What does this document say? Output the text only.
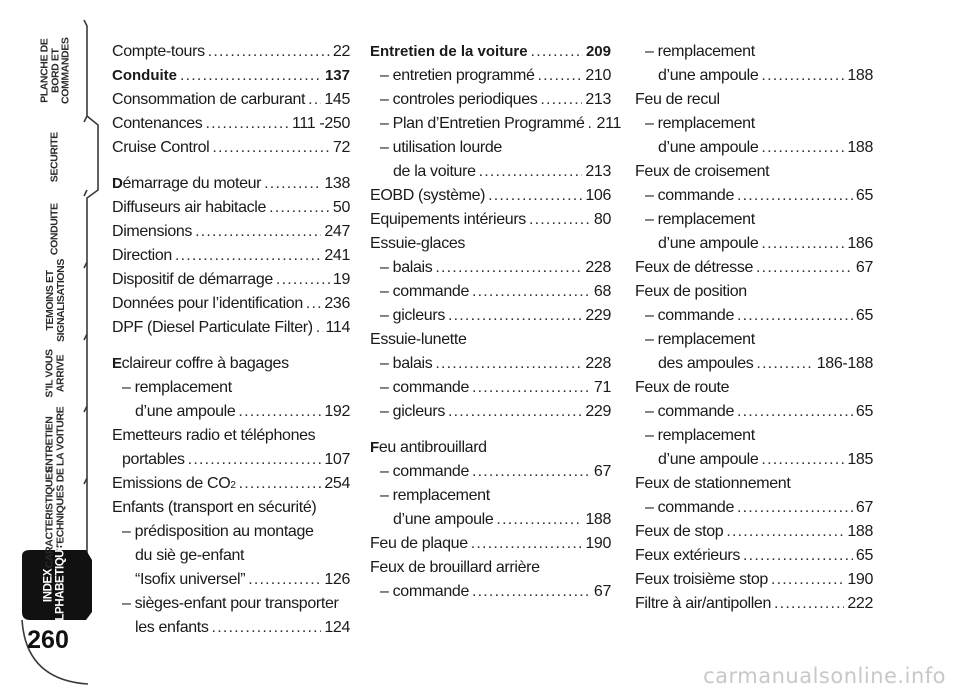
PLANCHE DE
BORD ET
COMMANDES
SECURITE
CONDUITE
TEMOINS ET
SIGNALISATIONS
S’IL VOUS
ARRIVE
ENTRETIEN
DE LA VOITURE
CARACTERISTIQUES
TECHNIQUES
INDEX
ALPHABETIQUE
260
Compte-tours .....	22
Conduite .....	137
Consommation de carburant ..... 145
Contenances .....	111 -250
Cruise Control .....	72
Démarrage du moteur .....	138
Diffuseurs air habitacle .....	50
Dimensions .....	247
Direction .....	241
Dispositif de démarrage .....	19
Données pour l’identification ..... 236
DPF (Diesel Particulate Filter) ..... 114
Eclaireur coffre à bagages
– remplacement
d’une ampoule .....	192
Emetteurs radio et téléphones
portables .....	107
Emissions de CO 2 .....	254
Enfants (transport en sécurité)
– prédisposition au montage
du siè ge-enfant
“Isofix universel” .....	126
– sièges-enfant pour transporter
les enfants .....	124
Entretien de la voiture .....	209
– entretien programmé .....	210
– controles periodiques .....	213
– Plan d’Entretien Programmé ..... 211
– utilisation lourde
de la voiture .....	213
EOBD (système) .....	106
Equipements intérieurs .....	80
Essuie-glaces
– balais .....	228
– commande .....	68
– gicleurs .....	229
Essuie-lunette
– balais .....	228
– commande .....	71
– gicleurs .....	229
Feu antibrouillard
– commande .....	67
– remplacement
d’une ampoule .....	188
Feu de plaque .....	190
Feux de brouillard arrière
– commande .....	67
– remplacement
d’une ampoule .....	188
Feu de recul
– remplacement
d’une ampoule .....	188
Feux de croisement
– commande .....	65
– remplacement
d’une ampoule .....	186
Feux de détresse .....	67
Feux de position
– commande .....	65
– remplacement
des ampoules .....	186-188
Feux de route
– commande .....	65
– remplacement
d’une ampoule .....	185
Feux de stationnement
– commande .....	67
Feux de stop .....	188
Feux extérieurs .....	65
Feux troisième stop .....	190
Filtre à air/antipollen .....	222
carmanualsonline.info
